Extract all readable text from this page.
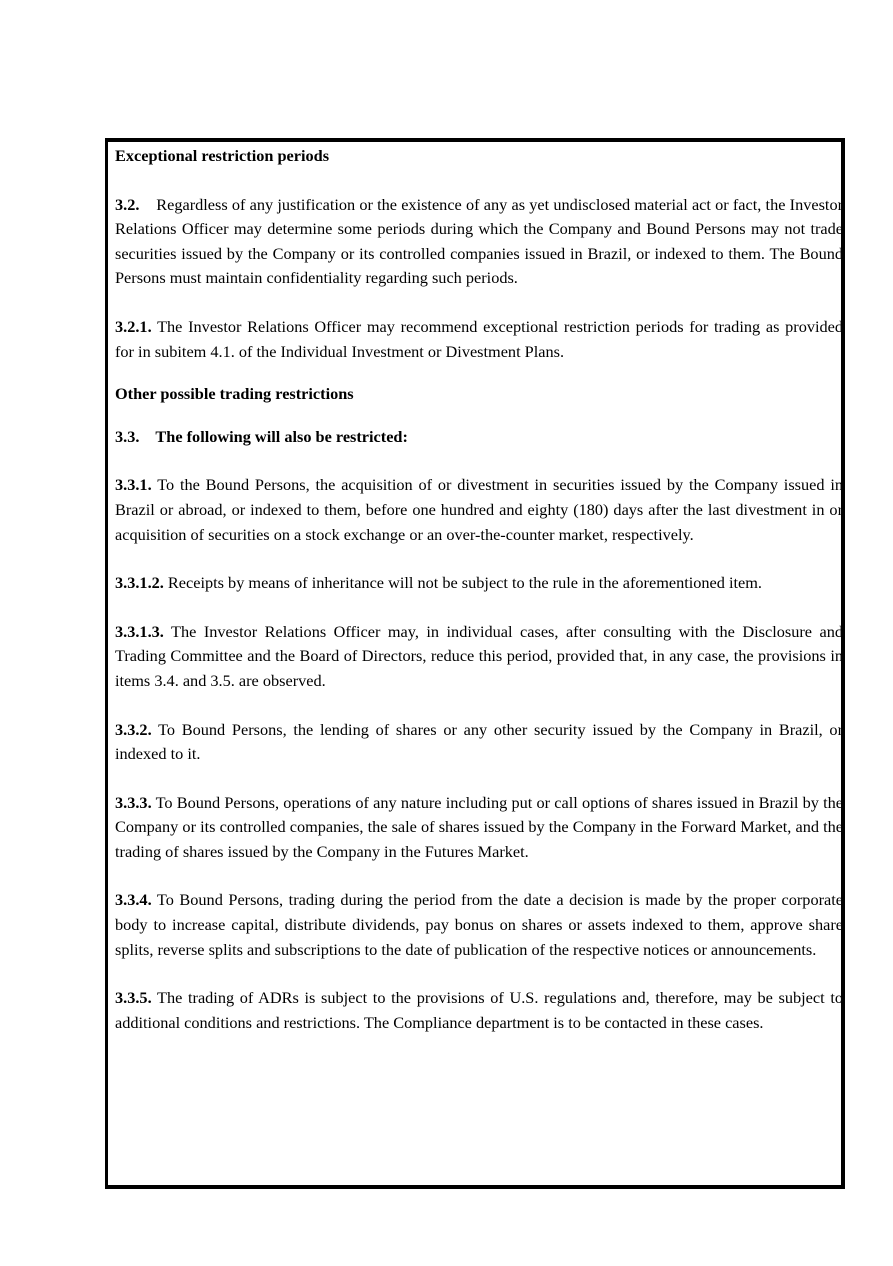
Exceptional restriction periods

3.2. Regardless of any justification or the existence of any as yet undisclosed material act or fact, the Investor Relations Officer may determine some periods during which the Company and Bound Persons may not trade securities issued by the Company or its controlled companies issued in Brazil, or indexed to them. The Bound Persons must maintain confidentiality regarding such periods.

3.2.1. The Investor Relations Officer may recommend exceptional restriction periods for trading as provided for in subitem 4.1. of the Individual Investment or Divestment Plans.

Other possible trading restrictions

3.3. The following will also be restricted:

3.3.1. To the Bound Persons, the acquisition of or divestment in securities issued by the Company issued in Brazil or abroad, or indexed to them, before one hundred and eighty (180) days after the last divestment in or acquisition of securities on a stock exchange or an over-the-counter market, respectively.

3.3.1.2. Receipts by means of inheritance will not be subject to the rule in the aforementioned item.

3.3.1.3. The Investor Relations Officer may, in individual cases, after consulting with the Disclosure and Trading Committee and the Board of Directors, reduce this period, provided that, in any case, the provisions in items 3.4. and 3.5. are observed.

3.3.2. To Bound Persons, the lending of shares or any other security issued by the Company in Brazil, or indexed to it.

3.3.3. To Bound Persons, operations of any nature including put or call options of shares issued in Brazil by the Company or its controlled companies, the sale of shares issued by the Company in the Forward Market, and the trading of shares issued by the Company in the Futures Market.

3.3.4. To Bound Persons, trading during the period from the date a decision is made by the proper corporate body to increase capital, distribute dividends, pay bonus on shares or assets indexed to them, approve share splits, reverse splits and subscriptions to the date of publication of the respective notices or announcements.

3.3.5. The trading of ADRs is subject to the provisions of U.S. regulations and, therefore, may be subject to additional conditions and restrictions. The Compliance department is to be contacted in these cases.
